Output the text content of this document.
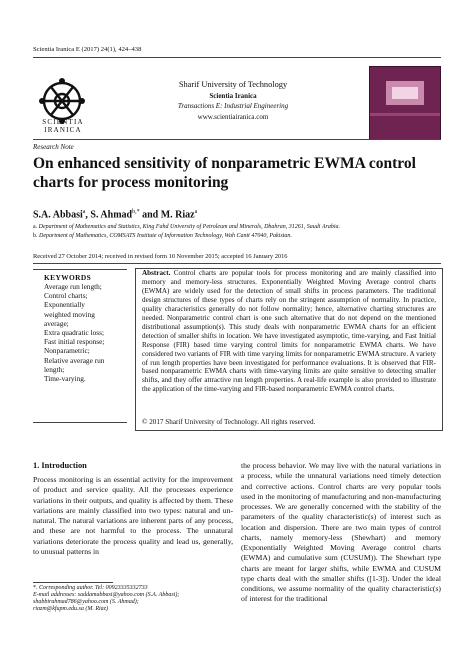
Scientia Iranica E (2017) 24(1), 424–438
SCIENTIA
IRANICA
Sharif University of Technology
Scientia Iranica
Transactions E: Industrial Engineering
www.scientiairanica.com
Research Note
On enhanced sensitivity of nonparametric EWMA control charts for process monitoring
S.A. Abbasi$^a$, S. Ahmad$^{b,*}$ and M. Riaz$^a$
a. Department of Mathematics and Statistics, King Fahd University of Petroleum and Minerals, Dhahran, 31261, Saudi Arabia.
b. Department of Mathematics, COMSATS Institute of Information Technology, Wah Cantt 47040, Pakistan.
Received 27 October 2014; received in revised form 10 November 2015; accepted 16 January 2016
KEYWORDS
Average run length;
Control charts;
Exponentially
weighted moving
average;
Extra quadratic loss;
Fast initial response;
Nonparametric;
Relative average run
length;
Time-varying.
Abstract. Control charts are popular tools for process monitoring and are mainly classified into memory and memory-less structures. Exponentially Weighted Moving Average control charts (EWMA) are widely used for the detection of small shifts in process parameters. The traditional design structures of these types of charts rely on the stringent assumption of normality. In practice, quality characteristics generally do not follow normality; hence, alternative charting structures are needed. Nonparametric control chart is one such alternative that do not depend on the mentioned distributional assumption(s). This study deals with nonparametric EWMA charts for an efficient detection of smaller shifts in location. We have investigated asymptotic, time-varying, and Fast Initial Response (FIR) based time varying control limits for nonparametric EWMA charts. We have considered two variants of FIR with time varying limits for nonparametric EWMA structure. A variety of run length properties have been investigated for performance evaluations. It is observed that FIR-based nonparametric EWMA charts with time-varying limits are quite sensitive to detecting smaller shifts, and they offer attractive run length properties. A real-life example is also provided to illustrate the application of the time-varying and FIR-based nonparametric EWMA control charts.
© 2017 Sharif University of Technology. All rights reserved.
1. Introduction
Process monitoring is an essential activity for the improvement of product and service quality. All the processes experience variations in their outputs, and quality is affected by them. These variations are mainly classified into two types: natural and un-natural. The natural variations are inherent parts of any process, and these are not harmful to the process. The unnatural variations deteriorate the process quality and lead us, generally, to unusual patterns in
the process behavior. We may live with the natural variations in a process, while the unnatural variations need timely detection and corrective actions. Control charts are very popular tools used in the monitoring of manufacturing and non-manufacturing processes. We are generally concerned with the stability of the parameters of the quality characteristic(s) of interest such as location and dispersion. There are two main types of control charts, namely memory-less (Shewhart) and memory (Exponentially Weighted Moving Average control charts (EWMA) and cumulative sum (CUSUM)). The Shewhart type charts are meant for larger shifts, while EWMA and CUSUM type charts deal with the smaller shifts ([1-3]). Under the ideal conditions, we assume normality of the quality characteristic(s) of interest for the traditional
*. Corresponding author. Tel: 00923335332733
E-mail addresses: saddamabbasi@yahoo.com (S.A. Abbasi);
shabbirahmad786@yahoo.com (S. Ahmad);
riazm@kfupm.edu.sa (M. Riaz)
